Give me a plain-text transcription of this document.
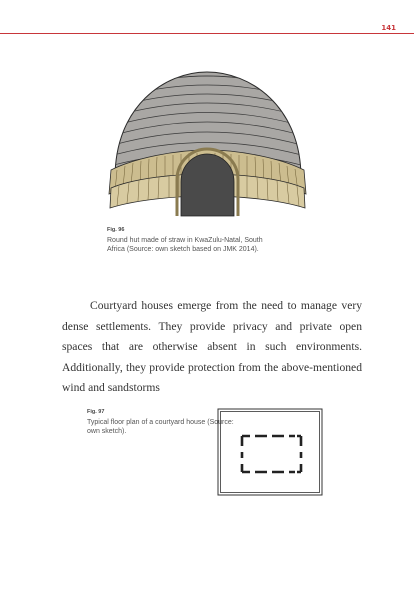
141
Fig. 96
Round hut made of straw in KwaZulu-Natal, South Africa (Source: own sketch based on JMK 2014).
Courtyard houses emerge from the need to manage very dense settlements. They provide privacy and private open spaces that are otherwise absent in such environments. Additionally, they provide protection from the above-mentioned wind and sandstorms
Fig. 97
Typical floor plan of a courtyard house (Source: own sketch).
